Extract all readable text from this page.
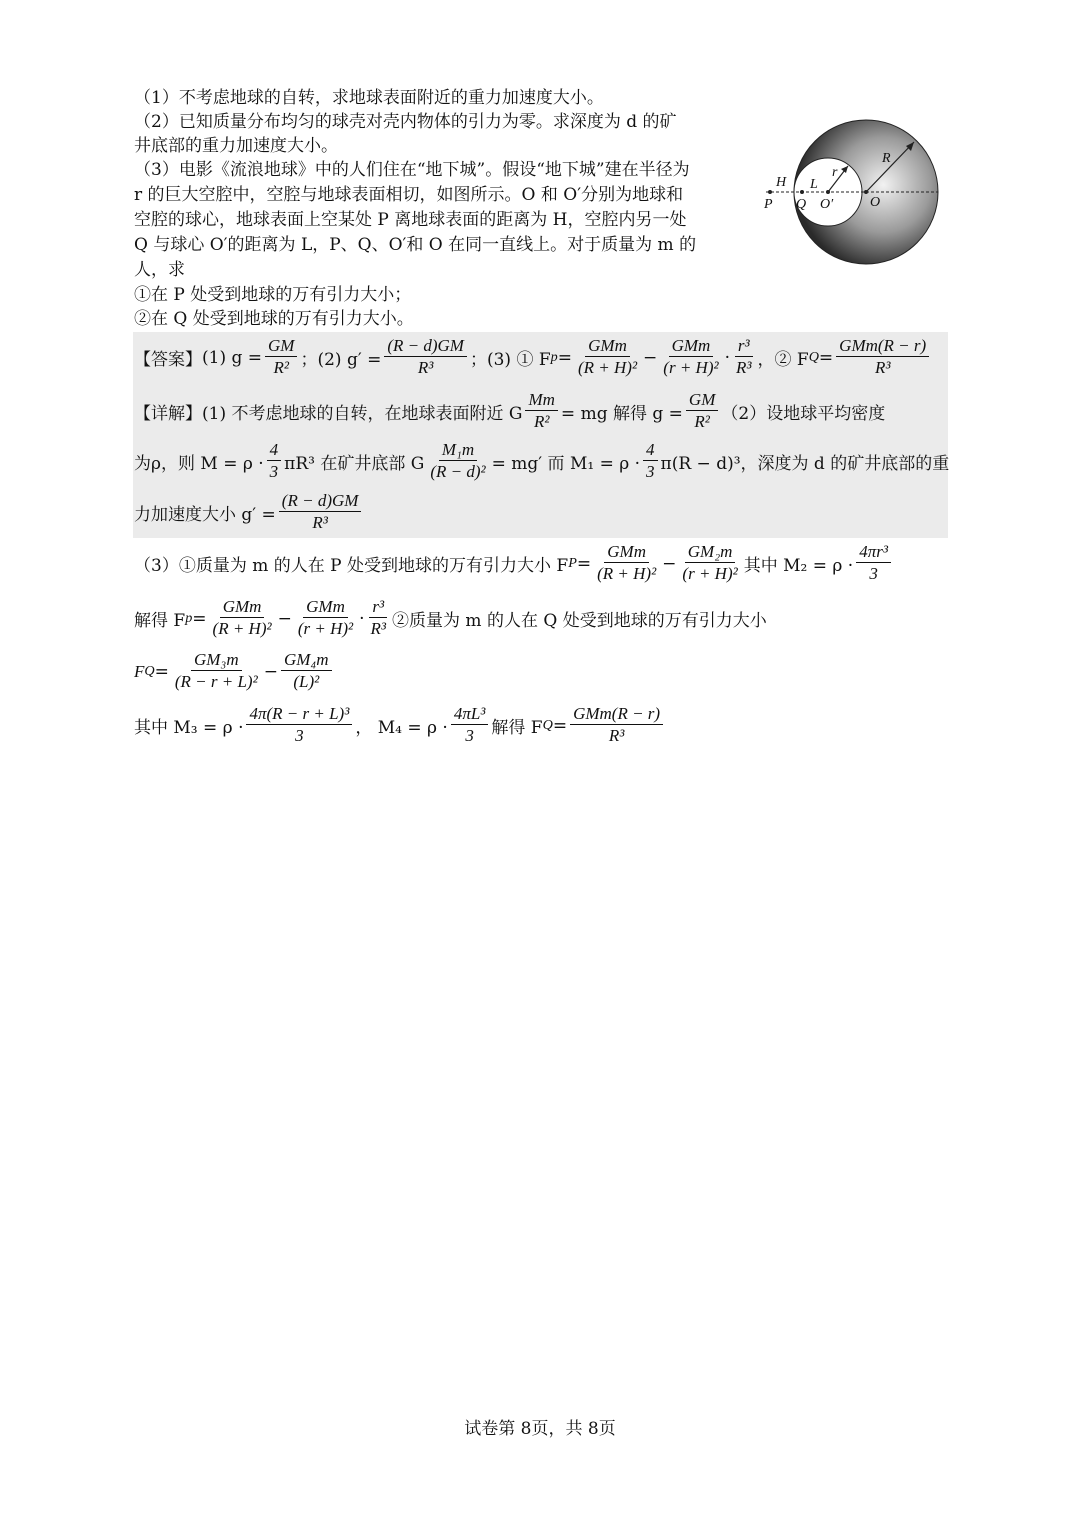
（1）不考虑地球的自转，求地球表面附近的重力加速度大小。
（2）已知质量分布均匀的球壳对壳内物体的引力为零。求深度为 d 的矿
井底部的重力加速度大小。
（3）电影《流浪地球》中的人们住在“地下城”。假设“地下城”建在半径为
r 的巨大空腔中，空腔与地球表面相切，如图所示。O 和 O′分别为地球和
空腔的球心，地球表面上空某处 P 离地球表面的距离为 H，空腔内另一处
Q 与球心 O′的距离为 L，P、Q、O′和 O 在同一直线上。对于质量为 m 的
人，求
①在 P 处受到地球的万有引力大小；
②在 Q 处受到地球的万有引力大小。
R
r
L
H
P Q O′	O
【答案】 (1) $g = \frac{GM}{\text{R²}}$ ；(2) $g' = \frac{(R - d)GM}{\text{R³}}$ ；(3) ① F $p = \frac{\text{GMm}}{\text{(R + H)²}} - \frac{\text{GMm}}{\text{(r + H)²}} \cdot \frac{\text{r³}}{\text{R³}}$ ，② F $Q = \frac{\text{GMm(R − r)}}{\text{R³}}$
【详解】 (1) 不考虑地球的自转，在地球表面附近 G $\frac{Mm}{\text{R²}}$ = mg 解得 $g = \frac{GM}{\text{R²}} (2)$设地球平均密度
为ρ，则 $M = \rho \cdot \frac{4}{3} \pi R^3$ 在矿井底部 G $\frac{\text{M₁m}}{\text{(R − d)²}} = mg'$ 而 $M_1 = \rho \cdot \frac{4}{3} \pi(R - d)^3$，深度为 d 的矿井底部的重
力加速度大小 $g' = \frac{(R - d)GM}{\text{R³}}$
（3）①质量为 m 的人在 P 处受到地球的万有引力大小 F $P = \frac{\text{GMm}}{\text{(R + H)²}} - \frac{\text{GM₂m}}{\text{(r + H)²}}$ 其中 $M_2 = \rho \cdot \frac{\text{4πr³}}{3}$
解得 F $p = \frac{\text{GMm}}{\text{(R + H)²}} - \frac{\text{GMm}}{\text{(r + H)²}} \cdot \frac{\text{r³}}{\text{R³}}$ ②质量为 m 的人在 Q 处受到地球的万有引力大小
F $Q = \frac{\text{GM₃m}}{\text{(R − r + L)²}} - \frac{\text{GM₄m}}{\text{(L)²}}$
其中 $M_3 = \rho \cdot \frac{\text{4π(R − r + L)³}}{3}$ ， $M_4 = \rho \cdot \frac{\text{4πL³}}{3}$ 解得 F $Q = \frac{\text{GMm(R − r)}}{\text{R³}}$
试卷第 8页，共 8页
